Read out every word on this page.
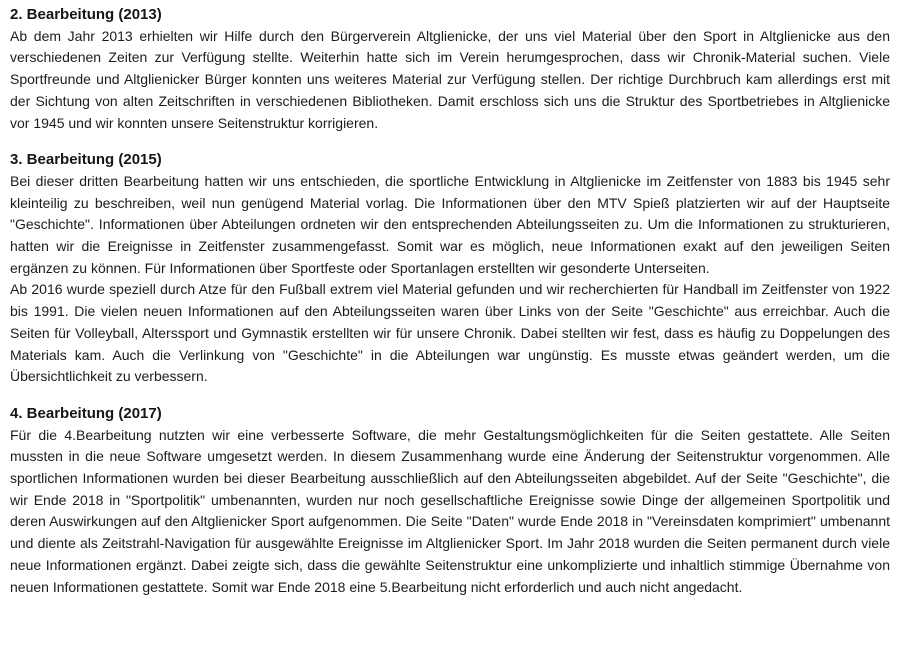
2. Bearbeitung (2013)

Ab dem Jahr 2013 erhielten wir Hilfe durch den Bürgerverein Altglienicke, der uns viel Material über den Sport in Altglienicke aus den verschiedenen Zeiten zur Verfügung stellte. Weiterhin hatte sich im Verein herumgesprochen, dass wir Chronik-Material suchen. Viele Sportfreunde und Altglienicker Bürger konnten uns weiteres Material zur Verfügung stellen. Der richtige Durchbruch kam allerdings erst mit der Sichtung von alten Zeitschriften in verschiedenen Bibliotheken. Damit erschloss sich uns die Struktur des Sportbetriebes in Altglienicke vor 1945 und wir konnten unsere Seitenstruktur korrigieren.

3. Bearbeitung (2015)

Bei dieser dritten Bearbeitung hatten wir uns entschieden, die sportliche Entwicklung in Altglienicke im Zeitfenster von 1883 bis 1945 sehr kleinteilig zu beschreiben, weil nun genügend Material vorlag. Die Informationen über den MTV Spieß platzierten wir auf der Hauptseite "Geschichte". Informationen über Abteilungen ordneten wir den entsprechenden Abteilungsseiten zu. Um die Informationen zu strukturieren, hatten wir die Ereignisse in Zeitfenster zusammengefasst. Somit war es möglich, neue Informationen exakt auf den jeweiligen Seiten ergänzen zu können. Für Informationen über Sportfeste oder Sportanlagen erstellten wir gesonderte Unterseiten.

Ab 2016 wurde speziell durch Atze für den Fußball extrem viel Material gefunden und wir recherchierten für Handball im Zeitfenster von 1922 bis 1991. Die vielen neuen Informationen auf den Abteilungsseiten waren über Links von der Seite "Geschichte" aus erreichbar. Auch die Seiten für Volleyball, Alterssport und Gymnastik erstellten wir für unsere Chronik. Dabei stellten wir fest, dass es häufig zu Doppelungen des Materials kam. Auch die Verlinkung von "Geschichte" in die Abteilungen war ungünstig. Es musste etwas geändert werden, um die Übersichtlichkeit zu verbessern.

4. Bearbeitung (2017)

Für die 4.Bearbeitung nutzten wir eine verbesserte Software, die mehr Gestaltungsmöglichkeiten für die Seiten gestattete. Alle Seiten mussten in die neue Software umgesetzt werden. In diesem Zusammenhang wurde eine Änderung der Seitenstruktur vorgenommen. Alle sportlichen Informationen wurden bei dieser Bearbeitung ausschließlich auf den Abteilungsseiten abgebildet. Auf der Seite "Geschichte", die wir Ende 2018 in "Sportpolitik" umbenannten, wurden nur noch gesellschaftliche Ereignisse sowie Dinge der allgemeinen Sportpolitik und deren Auswirkungen auf den Altglienicker Sport aufgenommen. Die Seite "Daten" wurde Ende 2018 in "Vereinsdaten komprimiert" umbenannt und diente als Zeitstrahl-Navigation für ausgewählte Ereignisse im Altglienicker Sport. Im Jahr 2018 wurden die Seiten permanent durch viele neue Informationen ergänzt. Dabei zeigte sich, dass die gewählte Seitenstruktur eine unkomplizierte und inhaltlich stimmige Übernahme von neuen Informationen gestattete. Somit war Ende 2018 eine 5.Bearbeitung nicht erforderlich und auch nicht angedacht.
